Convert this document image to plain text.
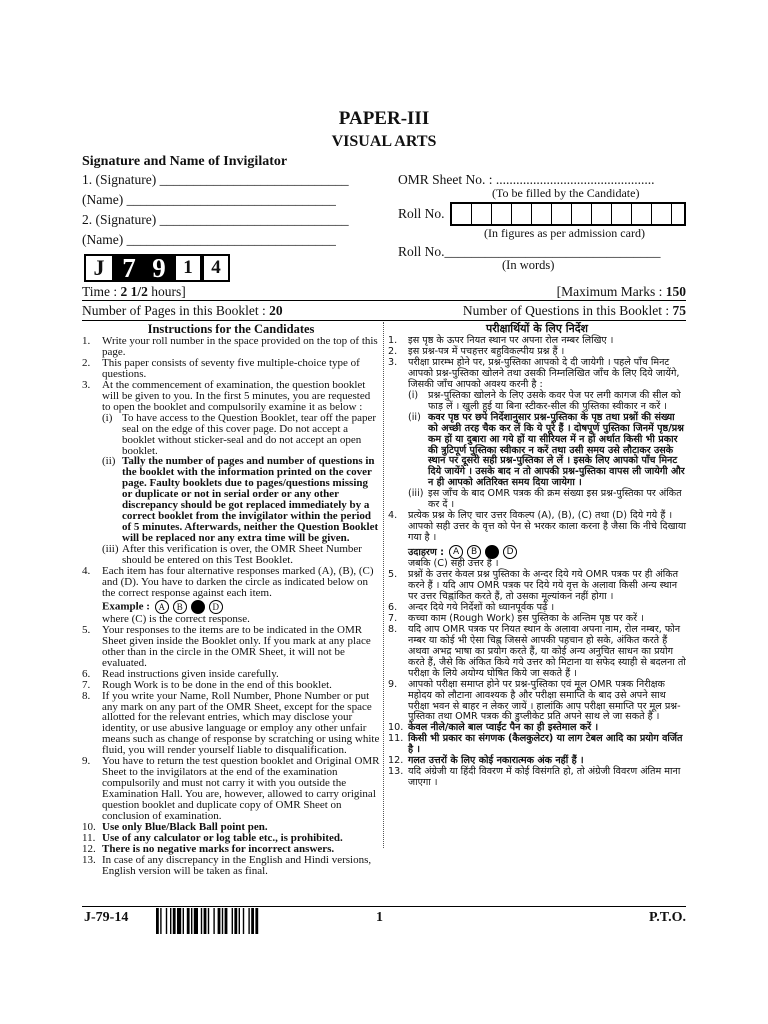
PAPER-III
VISUAL ARTS
Signature and Name of Invigilator
1. (Signature) ____________________________
(Name) _______________________________
2. (Signature) ____________________________
(Name) _______________________________
OMR Sheet No. : ...............................................
(To be filled by the Candidate)
Roll No.
(In figures as per admission card)
Roll No.________________________________
(In words)
J 7 9 1 4
Time : 2 1/2 hours]	[Maximum Marks : 150
Number of Pages in this Booklet : 20	Number of Questions in this Booklet : 75
Instructions for the Candidates
1. Write your roll number in the space provided on the top of this page.
2. This paper consists of seventy five multiple-choice type of questions.
3. At the commencement of examination, the question booklet will be given to you. In the first 5 minutes, you are requested to open the booklet and compulsorily examine it as below :
(i) To have access to the Question Booklet, tear off the paper seal on the edge of this cover page. Do not accept a booklet without sticker-seal and do not accept an open booklet.
(ii) Tally the number of pages and number of questions in the booklet with the information printed on the cover page. Faulty booklets due to pages/questions missing or duplicate or not in serial order or any other discrepancy should be got replaced immediately by a correct booklet from the invigilator within the period of 5 minutes. Afterwards, neither the Question Booklet will be replaced nor any extra time will be given.
(iii) After this verification is over, the OMR Sheet Number should be entered on this Test Booklet.
4. Each item has four alternative responses marked (A), (B), (C) and (D). You have to darken the circle as indicated below on the correct response against each item.
Example : A B	D
where (C) is the correct response.
5. Your responses to the items are to be indicated in the OMR Sheet given inside the Booklet only. If you mark at any place other than in the circle in the OMR Sheet, it will not be evaluated.
6. Read instructions given inside carefully.
7. Rough Work is to be done in the end of this booklet.
8. If you write your Name, Roll Number, Phone Number or put any mark on any part of the OMR Sheet, except for the space allotted for the relevant entries, which may disclose your identity, or use abusive language or employ any other unfair means such as change of response by scratching or using white fluid, you will render yourself liable to disqualification.
9. You have to return the test question booklet and Original OMR Sheet to the invigilators at the end of the examination compulsorily and must not carry it with you outside the Examination Hall. You are, however, allowed to carry original question booklet and duplicate copy of OMR Sheet on conclusion of examination.
10. Use only Blue/Black Ball point pen.
11. Use of any calculator or log table etc., is prohibited.
12. There is no negative marks for incorrect answers.
13. In case of any discrepancy in the English and Hindi versions, English version will be taken as final.
परीक्षार्थियों के लिए निर्देश
1. इस पृष्ठ के ऊपर नियत स्थान पर अपना रोल नम्बर लिखिए ।
2. इस प्रश्न-पत्र में पचहत्तर बहुविकल्पीय प्रश्न हैं ।
3. परीक्षा प्रारम्भ होने पर, प्रश्न-पुस्तिका आपको दे दी जायेगी । पहले पाँच मिनट आपको प्रश्न-पुस्तिका खोलने तथा उसकी निम्नलिखित जाँच के लिए दिये जायेंगे, जिसकी जाँच आपको अवश्य करनी है :
(i) प्रश्न-पुस्तिका खोलने के लिए उसके कवर पेज पर लगी कागज की सील को फाड़ लें । खुली हुई या बिना स्टीकर-सील की पुस्तिका स्वीकार न करें ।
(ii) कवर पृष्ठ पर छपे निर्देशानुसार प्रश्न-पुस्तिका के पृष्ठ तथा प्रश्नों की संख्या को अच्छी तरह चैक कर लें कि ये पूरे हैं । दोषपूर्ण पुस्तिका जिनमें पृष्ठ/प्रश्न कम हों या दुबारा आ गये हों या सीरियल में न हों अर्थात किसी भी प्रकार की त्रुटिपूर्ण पुस्तिका स्वीकार न करें तथा उसी समय उसे लौटाकर उसके स्थान पर दूसरी सही प्रश्न-पुस्तिका ले लें । इसके लिए आपको पाँच मिनट दिये जायेंगे । उसके बाद न तो आपकी प्रश्न-पुस्तिका वापस ली जायेगी और न ही आपको अतिरिक्त समय दिया जायेगा ।
(iii) इस जाँच के बाद OMR पत्रक की क्रम संख्या इस प्रश्न-पुस्तिका पर अंकित कर दें ।
4. प्रत्येक प्रश्न के लिए चार उत्तर विकल्प (A), (B), (C) तथा (D) दिये गये हैं । आपको सही उत्तर के वृत्त को पेन से भरकर काला करना है जैसा कि नीचे दिखाया गया है ।
उदाहरण : A B	D
जबकि (C) सही उत्तर है ।
5. प्रश्नों के उत्तर केवल प्रश्न पुस्तिका के अन्दर दिये गये OMR पत्रक पर ही अंकित करने हैं । यदि आप OMR पत्रक पर दिये गये वृत्त के अलावा किसी अन्य स्थान पर उत्तर चिह्नांकित करते हैं, तो उसका मूल्यांकन नहीं होगा ।
6. अन्दर दिये गये निर्देशों को ध्यानपूर्वक पढ़ें ।
7. कच्चा काम (Rough Work) इस पुस्तिका के अन्तिम पृष्ठ पर करें ।
8. यदि आप OMR पत्रक पर नियत स्थान के अलावा अपना नाम, रोल नम्बर, फोन नम्बर या कोई भी ऐसा चिह्न जिससे आपकी पहचान हो सके, अंकित करते हैं अथवा अभद्र भाषा का प्रयोग करते हैं, या कोई अन्य अनुचित साधन का प्रयोग करते हैं, जैसे कि अंकित किये गये उत्तर को मिटाना या सफेद स्याही से बदलना तो परीक्षा के लिये अयोग्य घोषित किये जा सकते हैं ।
9. आपको परीक्षा समाप्त होने पर प्रश्न-पुस्तिका एवं मूल OMR पत्रक निरीक्षक महोदय को लौटाना आवश्यक है और परीक्षा समाप्ति के बाद उसे अपने साथ परीक्षा भवन से बाहर न लेकर जायें । हालांकि आप परीक्षा समाप्ति पर मूल प्रश्न-पुस्तिका तथा OMR पत्रक की डुप्लीकेट प्रति अपने साथ ले जा सकते हैं ।
10. केवल नीले/काले बाल प्वाईंट पैन का ही इस्तेमाल करें ।
11. किसी भी प्रकार का संगणक (कैलकुलेटर) या लाग टेबल आदि का प्रयोग वर्जित है ।
12. गलत उत्तरों के लिए कोई नकारात्मक अंक नहीं हैं ।
13. यदि अंग्रेजी या हिंदी विवरण में कोई विसंगति हो, तो अंग्रेजी विवरण अंतिम माना जाएगा ।
J-79-14	1	P.T.O.
